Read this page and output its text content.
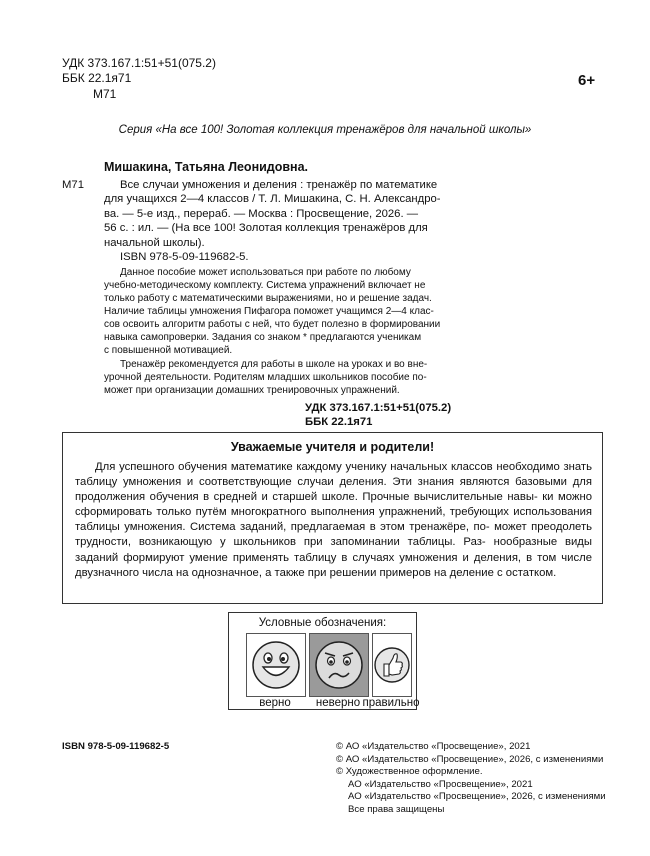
УДК 373.167.1:51+51(075.2)
ББК 22.1я71
М71
6+
Серия «На все 100! Золотая коллекция тренажёров для начальной школы»
Мишакина, Татьяна Леонидовна.
М71	Все случаи умножения и деления : тренажёр по математике
для учащихся 2—4 классов / Т. Л. Мишакина, С. Н. Александро-
ва. — 5-е изд., перераб. — Москва : Просвещение, 2026. —
56 с. : ил. — (На все 100! Золотая коллекция тренажёров для
начальной школы).
ISBN 978-5-09-119682-5.
Данное пособие может использоваться при работе по любому
учебно-методическому комплекту. Система упражнений включает не
только работу с математическими выражениями, но и решение задач.
Наличие таблицы умножения Пифагора поможет учащимся 2—4 клас-
сов освоить алгоритм работы с ней, что будет полезно в формировании
навыка самопроверки. Задания со знаком * предлагаются ученикам
с повышенной мотивацией.
Тренажёр рекомендуется для работы в школе на уроках и во вне-
урочной деятельности. Родителям младших школьников пособие по-
может при организации домашних тренировочных упражнений.
УДК 373.167.1:51+51(075.2)
ББК 22.1я71
Уважаемые учителя и родители!
Для успешного обучения математике каждому ученику начальных классов необходимо знать таблицу умножения и соответствующие случаи деления. Эти знания являются базовыми для продолжения обучения в средней и старшей школе. Прочные вычислительные навы- ки можно сформировать только путём многократного выполнения упражнений, требующих использования таблицы умножения. Система заданий, предлагаемая в этом тренажёре, по- может преодолеть трудности, возникающую у школьников при запоминании таблицы. Раз- нообразные виды заданий формируют умение применять таблицу в случаях умножения и деления, в том числе двузначного числа на однозначное, а также при решении примеров на деление с остатком.
Условные обозначения:
верно	неверно правильно
ISBN 978-5-09-119682-5	© АО «Издательство «Просвещение», 2021
© АО «Издательство «Просвещение», 2026, с изменениями
© Художественное оформление.
АО «Издательство «Просвещение», 2021
АО «Издательство «Просвещение», 2026, с изменениями
Все права защищены
